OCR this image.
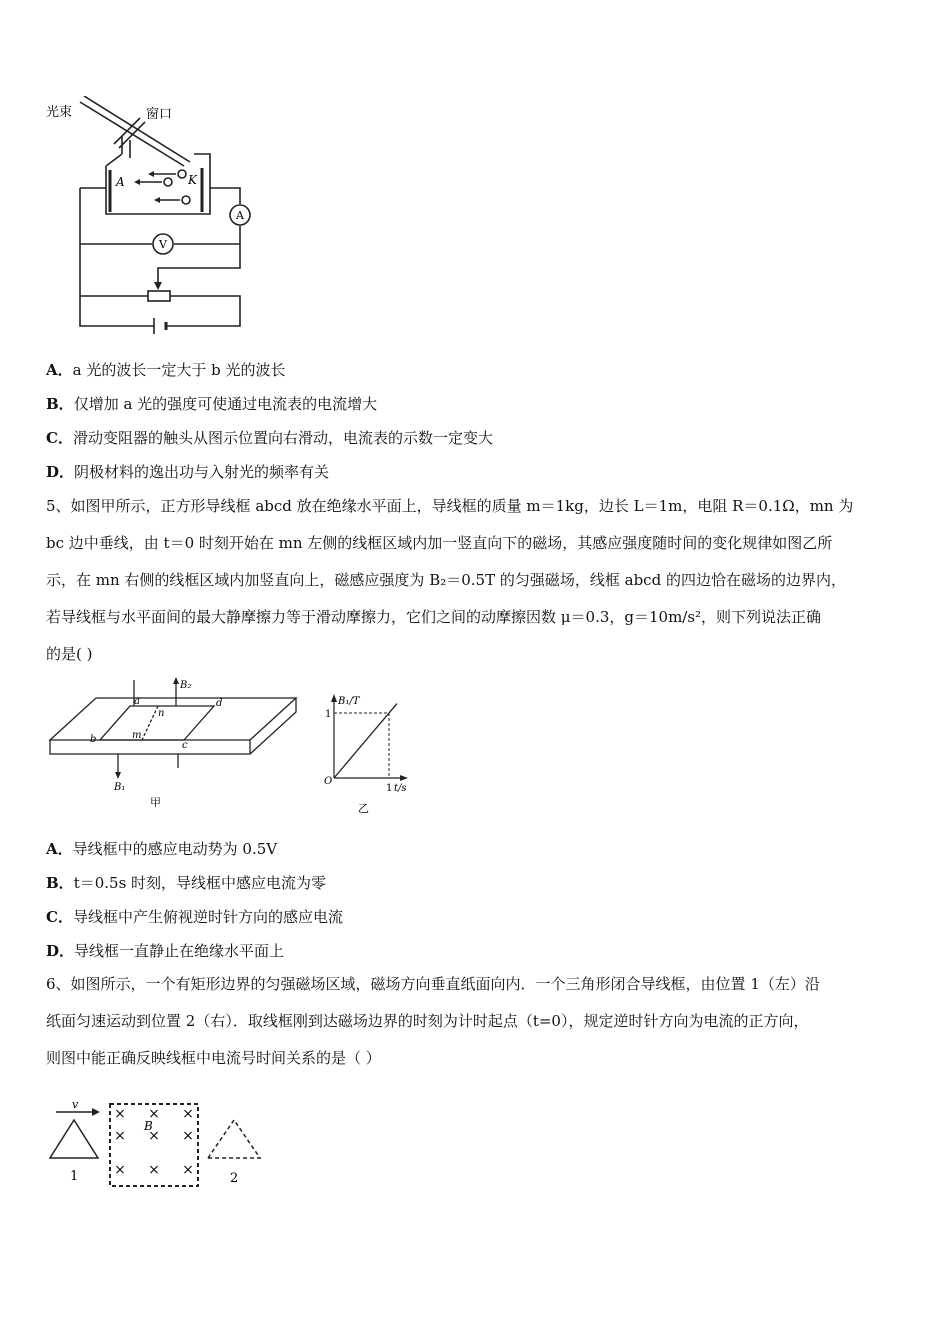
光束	窗口
A	K
A
V
A．a 光的波长一定大于 b 光的波长
B．仅增加 a 光的强度可使通过电流表的电流增大
C．滑动变阻器的触头从图示位置向右滑动，电流表的示数一定变大
D．阴极材料的逸出功与入射光的频率有关
5、如图甲所示，正方形导线框 abcd 放在绝缘水平面上，导线框的质量 m＝1kg，边长 L＝1m，电阻 R＝0.1Ω，mn 为
bc 边中垂线，由 t＝0 时刻开始在 mn 左侧的线框区域内加一竖直向下的磁场，其感应强度随时间的变化规律如图乙所
示，在 mn 右侧的线框区域内加竖直向上，磁感应强度为 B₂＝0.5T 的匀强磁场，线框 abcd 的四边恰在磁场的边界内，
若导线框与水平面间的最大静摩擦力等于滑动摩擦力，它们之间的动摩擦因数 μ＝0.3，g＝10m/s²，则下列说法正确
的是( )
a
b
c
d
n
m
B₂
B₁
甲
B₁/T
t/s
O
1
1
乙
A．导线框中的感应电动势为 0.5V
B．t＝0.5s 时刻，导线框中感应电流为零
C．导线框中产生俯视逆时针方向的感应电流
D．导线框一直静止在绝缘水平面上
6、如图所示，一个有矩形边界的匀强磁场区域，磁场方向垂直纸面向内．一个三角形闭合导线框，由位置 1（左）沿
纸面匀速运动到位置 2（右）．取线框刚到达磁场边界的时刻为计时起点（t=0），规定逆时针方向为电流的正方向，
则图中能正确反映线框中电流号时间关系的是（ ）
v
× × ×
× × ×
× × ×
B
1	2
